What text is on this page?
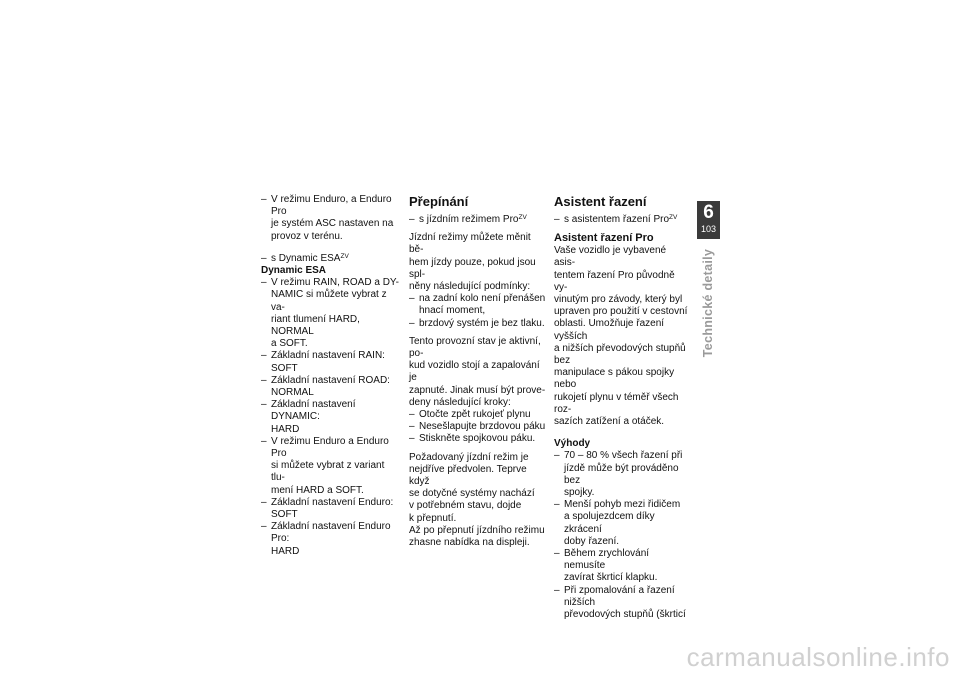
– V režimu Enduro, a Enduro Pro
je systém ASC nastaven na
provoz v terénu.
– s Dynamic $ESA^{ZV}$
Dynamic ESA
– V režimu RAIN, ROAD a DY-
NAMIC si můžete vybrat z va-
riant tlumení HARD, NORMAL
a SOFT.
– Základní nastavení RAIN: SOFT
– Základní nastavení ROAD:
NORMAL
– Základní nastavení DYNAMIC:
HARD
– V režimu Enduro a Enduro Pro
si můžete vybrat z variant tlu-
mení HARD a SOFT.
– Základní nastavení Enduro:
SOFT
– Základní nastavení Enduro Pro:
HARD
Přepínání
– s jízdním režimem Pro$^{ZV}$
Jízdní režimy můžete měnit bě-
hem jízdy pouze, pokud jsou spl-
něny následující podmínky:
– na zadní kolo není přenášen
hnací moment,
– brzdový systém je bez tlaku.
Tento provozní stav je aktivní, po-
kud vozidlo stojí a zapalování je
zapnuté. Jinak musí být prove-
deny následující kroky:
– Otočte zpět rukojeť plynu
– Nesešlapujte brzdovou páku
– Stiskněte spojkovou páku.
Požadovaný jízdní režim je
nejdříve předvolen. Teprve když
se dotyčné systémy nachází
v potřebném stavu, dojde
k přepnutí.
Až po přepnutí jízdního režimu
zhasne nabídka na displeji.
Asistent řazení
– s asistentem řazení Pro$^{ZV}$
Asistent řazení Pro
Vaše vozidlo je vybavené asis-
tentem řazení Pro původně vy-
vinutým pro závody, který byl
upraven pro použití v cestovní
oblasti. Umožňuje řazení vyšších
a nižších převodových stupňů bez
manipulace s pákou spojky nebo
rukojetí plynu v téměř všech roz-
sazích zatížení a otáček.
Výhody
– 70 – 80 % všech řazení při
jízdě může být prováděno bez
spojky.
– Menší pohyb mezi řidičem
a spolujezdcem díky zkrácení
doby řazení.
– Během zrychlování nemusíte
zavírat škrticí klapku.
– Při zpomalování a řazení nižších
převodových stupňů (škrticí
6
103
Technické detaily
carmanualsonline.info
